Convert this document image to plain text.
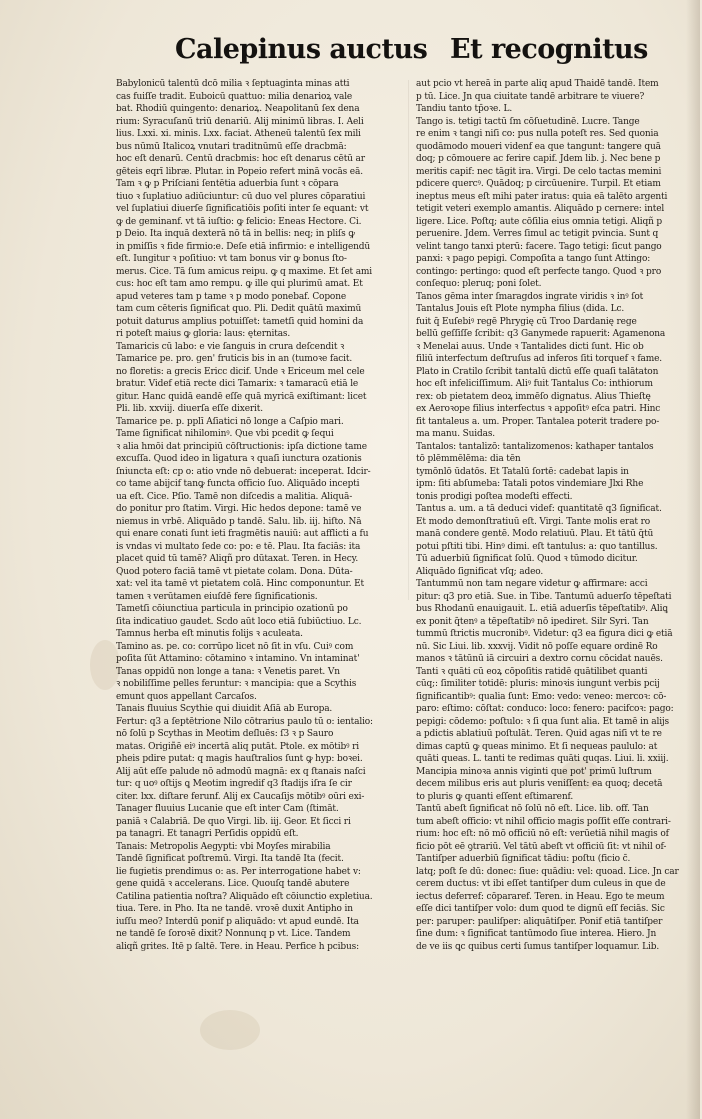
Calepinus auctus Et recognitus
Babylonicū talentū dcō milia ꝛ ſeptuaginta minas atti
cas fuiſſe tradit. Euboicū quattuo: milia denarioꝝ vale
bat. Rhodiū quingento: denarioꝝ. Neapolitanū ſex dena
rium: Syracuſanū triū denariū. Alij minimū libras. I. Aeli
lius. Lxxi. xi. minis. Lxx. faciat. Atheneū talentū ſex mili
bus nūmū Italicoꝝ vnutari traditnūmū eſſe dracbmā:
hoc eſt denarū. Centū dracbmis: hoc eſt denarus cētū ar
gēteis eqrī libræ. Plutar. in Popeio refert minā vocās eā.
Tam ꝛ ꝙ p Priſciani ſentētia aduerbia ſunt ꝛ cōpara
tiuo ꝛ ſuplatiuo adiūciuntur: cū duo vel plures cōparatiui
vel ſuplatiui diuerſe ſignificatiōis poſiti inter ſe equant: vt
ꝙ de geminanf. vt tā iuſtio: ꝙ felicio: Eneas Hectore. Ci.
p Deio. Ita inquā dexterā nō tā in bellis: neq; in pliſs ꝙ
in pmiſſis ꝛ fide firmio:e. Deſe etiā infirmio: e intelligendū
eſt. Iungitur ꝛ poſitiuo: vt tam bonus vir ꝙ bonus ſto-
merus. Cice. Tā ſum amicus reipu. ꝙ q maxime. Et ſet ami
cus: hoc eſt tam amo rempu. ꝙ ille qui plurimū amat. Et
apud veteres tam p tame ꝛ p modo ponebaf. Copone
tam cum cēteris ſignificat quo. Pli. Dedit quātū maximū
potuit daturus amplius potuiſſet: tametſi quid homini da
ri poteſt maius ꝙ gloria: laus: ęternitas.
Tamaricis cū labo: e vie ſanguis in crura deſcendit ꝛ
Tamarice pe. pro. gen' fruticis bis in an (tumoꝛe facit.
no floretis: a grecis Ericc dicif. Unde ꝛ Ericeum mel cele
bratur. Videf etiā recte dici Tamarix: ꝛ tamaracū etiā le
gitur. Hanc quidā eandē eſſe quā myricā exiſtimant: licet
Pli. lib. xxviij. diuerſa eſſe dixerit.
Tamarice pe. p. pplī Aſiatici nō longe a Caſpio mari.
Tame ſignificat nihilominꝰ. Que vbi pcedit ꝙ ſequi
ꝛ alia hmōi dat principiū cōſtructionis: ipſa dictione tame
excuſſa. Quod ideo in ligatura ꝛ quaſi iunctura ozationis
ſniuncta eſt: cp o: atio vnde nō debuerat: inceperat. Idcir-
co tame abijcif tanꝙ functa officio ſuo. Aliquādo incepti
ua eſt. Cice. Pſio. Tamē non diſcedis a malitia. Aliquā-
do ponitur pro ſtatim. Virgi. Hic hedos depone: tamē ve
niemus in vrbē. Aliquādo p tandē. Salu. lib. iij. hiſto. Nā
qui enare conati ſunt ieti fragmētis nauiū: aut afflicti a fu
is vndas vi multato ſede co: po: e tē. Plau. Ita faciās: ita
placet quid tū tamē? Aliqñ pro dūtaxat. Teren. in Hecy.
Quod potero faciā tamē vt pietate colam. Dona. Dūta-
xat: vel ita tamē vt pietatem colā. Hinc componuntur. Et
tamen ꝛ verūtamen eiuſdē fere ſignificationis.
Tametſi cōiunctiua particula in principio ozationū po
ſita indicatiuo gaudet. Scdo aūt loco etiā ſubiūctiuo. Lc.
Tamnus herba eſt minutis folijs ꝛ aculeata.
Tamino as. pe. co: corrūpo licet nō ſit in vſu. Cuiꝰ com
poſita ſūt Attamino: cōtamino ꝛ intamino. Vn intaminat'
Tanas oppidū non longe a tana: ꝛ Venetis paret. Vn
ꝛ nobiliſſime pelles feruntur: ꝛ mancipia: que a Scythis
emunt quos appellant Carcaſos.
Tanais fluuius Scythie qui diuidit Aſiā ab Europa.
Fertur: q3 a ſeptētrione Nilo cōtrarius paulo tū o: ientalio:
nō ſolū p Scythas in Meotim deſluēs: ſ3 ꝛ p Sauro
matas. Origiñē eiꝰ incertā aliq putāt. Ptole. ex mōtibꝰ ri
pheis pdire putat: q magis hauſtralios ſunt ꝙ hyp: boꝛei.
Alij aūt eſſe palude nō admodū magnā: ex q ſtanais naſci
tur: q uoꝰ oſtijs ꝗ Meotim ingredif q3 ſtadijs iſra ſe cir
citer. lxx. diſtare ferunf. Alij ex Caucaſijs mōtibꝰ oūri exi-
Tanager fluuius Lucanie que eſt inter Cam (ſtimāt.
paniā ꝛ Calabriā. De quo Virgi. lib. iij. Geor. Et ſicci ri
pa tanagri. Et tanagri Perſidis oppidū eſt.
Tanais: Metropolis Aegypti: vbi Moyſes mirabilia
Tandē ſignificat poſtremū. Virgi. Ita tandē Ita (fecit.
lie fugietis prendimus o: as. Per interrogatione habet v:
gene quidā ꝛ accelerans. Lice. Quouſq tandē abutere
Catilina patientia noſtra? Aliquādo eſt cōiunctio expletiua.
tiua. Tere. in Pho. Ita ne tandē. vroꝛē duxit Antipho in
iuſſu meo? Interdū ponif p aliquādo: vt apud eundē. Ita
ne tandē ſe ſoroꝛē dixit? Nonnunq p vt. Lice. Tandem
aliqñ grites. Itē p ſaltē. Tere. in Heau. Perfice h pcibus:
aut pcio vt hereā in parte aliq apud Thaidē tandē. Item
p tū. Lice. Jn qua ciuitate tandē arbitrare te viuere?
Tandiu tanto tp̄oꝛe. L.
Tango is. tetigi tactū ſm cōſuetudinē. Lucre. Tange
re enim ꝛ tangi niſi co: pus nulla poteſt res. Sed quonia
quodāmodo moueri videnf ea que tangunt: tangere quā
doq; p cōmouere ac ferire capif. Jdem lib. j. Nec bene p
meritis capif: nec tāgit ira. Virgi. De celo tactas memini
pdicere quercꝰ. Quādoq; p circūuenire. Turpil. Et etiam
ineptus meus eſt mihi pater iratus: quia eā talēto argenti
tetigit veteri exemplo amantis. Aliquādo p cernere: intel
ligere. Lice. Poſtq; aute cōſilia eius omnia tetigi. Aliqñ p
peruenire. Jdem. Verres ſimul ac tetigit pvincia. Sunt q
velint tango tanxi pterū: facere. Tago tetigi: ſicut pango
panxi: ꝛ pago pepigi. Compoſita a tango ſunt Attingo:
contingo: pertingo: quod eſt perfecte tango. Quod ꝛ pro
conſequo: pleruq; poni ſolet.
Tanos gēma inter ſmaragdos ingrate viridis ꝛ inꝰ ſot
Tantalus Jouis eſt Plote nympha filius (dida. Lc.
fuit q̄ Euſebiꝰ regē Phrygię cū Troo Dardanię rege
bellū geſſiſſe ſcribit: q3 Ganymede rapuerit: Agamenona
ꝛ Menelai auus. Unde ꝛ Tantalides dicti ſunt. Hic ob
filiū interfectum deſtruſus ad inferos ſiti torquef ꝛ fame.
Plato in Cratilo ſcribit tantalū dictū eſſe quaſi talātaton
hoc eſt infeliciſſimum. Aliꝰ fuit Tantalus Co: inthiorum
rex: ob pietatem deoꝝ immēſo dignatus. Alius Thieſtę
ex Aeroꝛope filius interfectus ꝛ appoſitꝰ eſca patri. Hinc
fit tantaleus a. um. Proper. Tantalea poterit tradere po-
ma manu. Suidas.
Tantalos: tantalizō: tantalizomenos: kathaper tantalos
tō plēmmēlēma: dia tēn
tymōnlō ūdatōs. Et Tatalū ſortē: cadebat lapis in
ipm: ſiti abſumeba: Tatali potos vindemiare Jlxi Rhe
tonis prodigi poſtea modeſti effecti.
Tantus a. um. a tā deduci videf: quantitatē q3 ſignificat.
Et modo demonſtratiuū eſt. Virgi. Tante molis erat ro
manā condere gentē. Modo relatiuū. Plau. Et tātū q̄tū
potui pſtiti tibi. Hinꝰ dimi. eſt tantulus: a: quo tantillus.
Tū aduerbiū ſignificat ſolū. Quod ꝛ tūmodo dicitur.
Aliquādo ſignificat vſq; adeo.
Tantummū non tam negare videtur ꝙ affirmare: acci
pitur: q3 pro etiā. Sue. in Tibe. Tantumū aduerſo tēpeſtati
bus Rhodanū enauigauit. L. etiā aduerſis tēpeſtatibꝰ. Aliꝗ
ex ponit q̄tenꝰ a tēpeſtatibꝰ nō ipediret. Silr Syri. Tan
tummū ſtrictis mucronibꝰ. Videtur: q3 ea figura dici ꝙ etiā
nū. Sic Liui. lib. xxxvij. Vidit nō poſſe equare ordinē Ro
manos ꝛ tātūnū iā circuiri a dextro cornu cōcidat nauēs.
Tanti ꝛ quāti cū eoꝝ cōpoſitis ratidē quātilibet quanti
cūq;: ſimiliter totidē: pluris: minoꝛis iungunt verbis pcij
ſignificantibꝰ: qualia ſunt: Emo: vedo: veneo: mercoꝛ: cō-
paro: eſtimo: cōſtat: conduco: loco: fenero: pacifcoꝛ: pago:
pepigi: cōdemo: poſtulo: ꝛ ſi qua ſunt alia. Et tamē in alijs
a pdictis ablatiuū poſtulāt. Teren. Quid agas niſi vt te re
dimas captū ꝙ queas minimo. Et ſi nequeas paululo: at
quāti queas. L. tanti te redimas quāti quqas. Liui. li. xxiij.
Mancipia minoꝛa annis viginti que pot' primū luſtrum
decem milibus eris aut pluris veniſſent: ea quoq; decetā
to pluris ꝙ quanti eſſent eſtimarenf.
Tantū abeſt ſignificat nō ſolū nō eſt. Lice. lib. off. Tan
tum abeſt officio: vt nihil officio magis poſſit eſſe contrari-
rium: hoc eſt: nō mō officiū nō eſt: verūetiā nihil magis of
ficio pōt eē ꝯtrariū. Vel tātū abeſt vt officiū ſit: vt nihil of-
Tantiſper aduerbiū ſignificat tādiu: poſtu (ficio c̄.
latq; poſt ſe dū: donec: ſiue: quādiu: vel: quoad. Lice. Jn car
cerem ductus: vt ibi eſſet tantiſper dum culeus in que de
iectus deferref: cōpararef. Teren. in Heau. Ego te meum
eſſe dici tantiſper volo: dum quod te dignū eſſ feciās. Sic
per: paruper: pauliſper: aliquātiſper. Ponif etiā tantiſper
ſine dum: ꝛ ſignificat tantūmodo ſiue interea. Hiero. Jn
de ve iis ꝗc quibus certi ſumus tantiſper loquamur. Lib.
